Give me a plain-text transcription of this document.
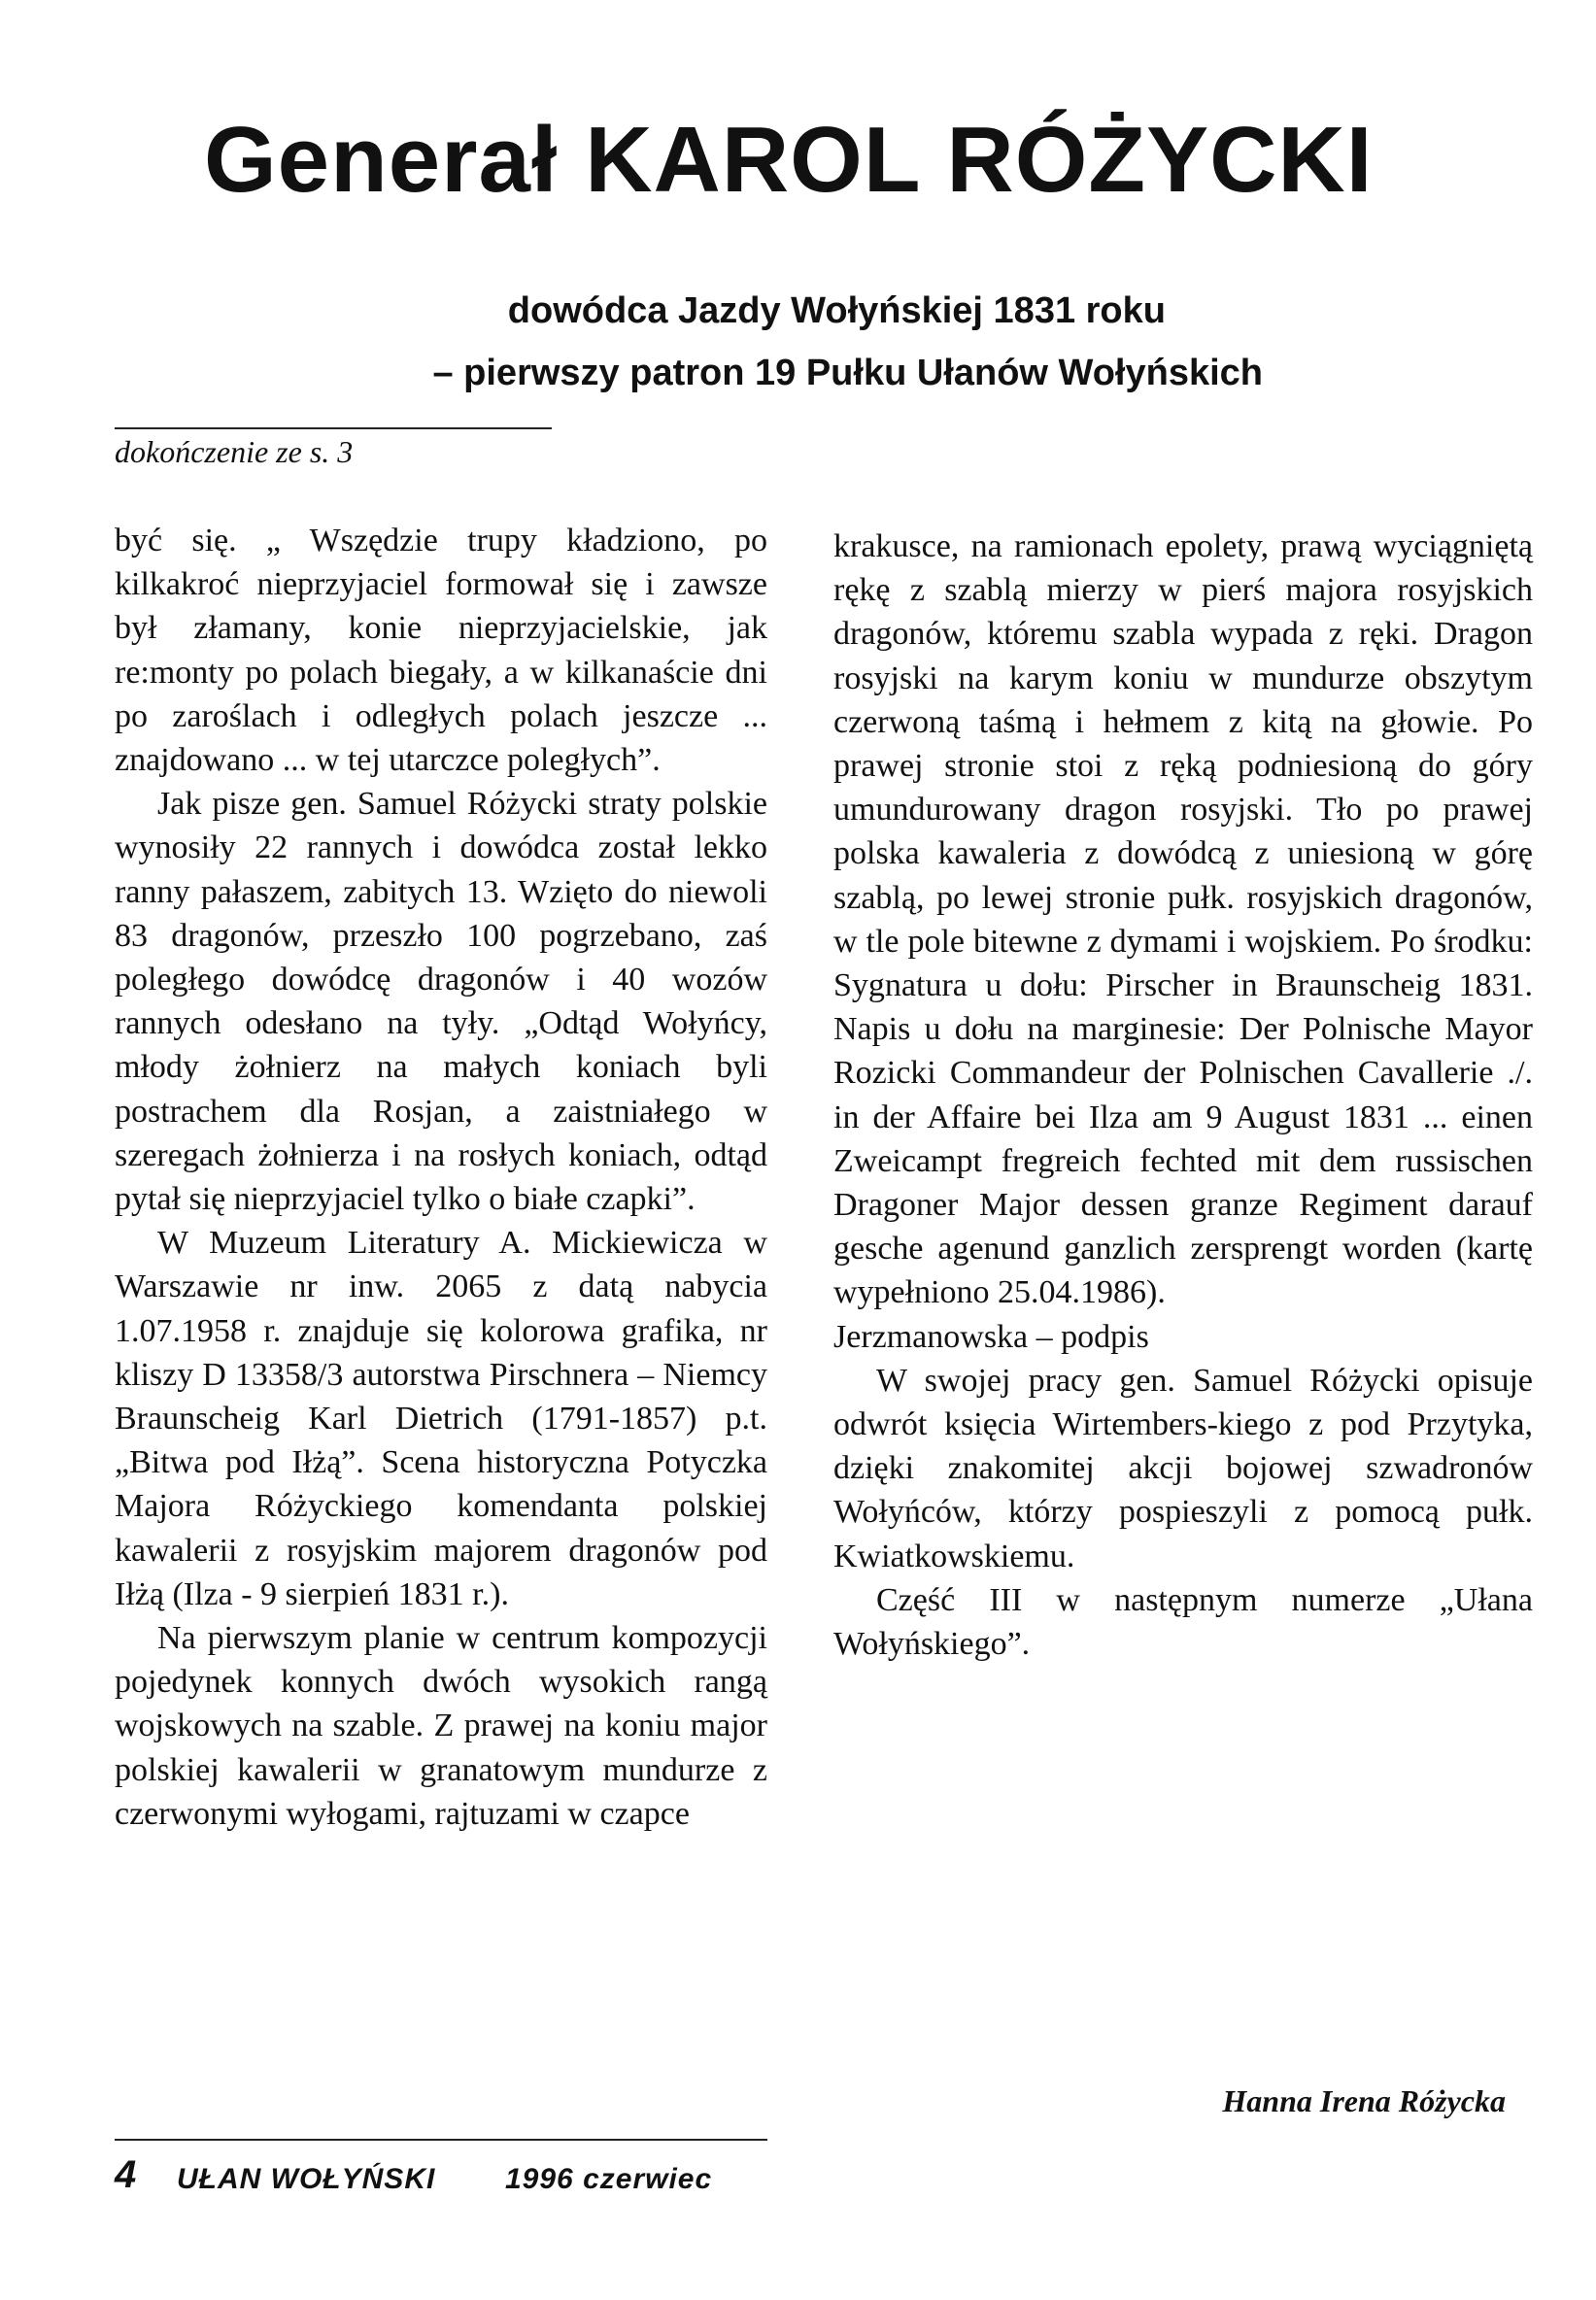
Generał KAROL RÓŻYCKI
dowódca Jazdy Wołyńskiej 1831 roku
– pierwszy patron 19 Pułku Ułanów Wołyńskich
dokończenie ze s. 3

być się. „ Wszędzie trupy kładziono, po kilkakroć nieprzyjaciel formował się i zawsze był złamany, konie nieprzyjacielskie, jak re:monty po polach biegały, a w kilkanaście dni po zaroślach i odległych polach jeszcze ... znajdowano ... w tej utarczce poległych”.

Jak pisze gen. Samuel Różycki straty polskie wynosiły 22 rannych i dowódca został lekko ranny pałaszem, zabitych 13. Wzięto do niewoli 83 dragonów, przeszło 100 pogrzebano, zaś poległego dowódcę dragonów i 40 wozów rannych odesłano na tyły. „Odtąd Wołyńcy, młody żołnierz na małych koniach byli postrachem dla Rosjan, a zaistniałego w szeregach żołnierza i na rosłych koniach, odtąd pytał się nieprzyjaciel tylko o białe czapki”.

W Muzeum Literatury A. Mickiewicza w Warszawie nr inw. 2065 z datą nabycia 1.07.1958 r. znajduje się kolorowa grafika, nr kliszy D 13358/3 autorstwa Pirschnera – Niemcy Braunscheig Karl Dietrich (1791-1857) p.t. „Bitwa pod Iłżą”. Scena historyczna Potyczka Majora Różyckiego komendanta polskiej kawalerii z rosyjskim majorem dragonów pod Iłżą (Ilza - 9 sierpień 1831 r.).

Na pierwszym planie w centrum kompozycji pojedynek konnych dwóch wysokich rangą wojskowych na szable. Z prawej na koniu major polskiej kawalerii w granatowym mundurze z czerwonymi wyłogami, rajtuzami w czapce

krakusce, na ramionach epolety, prawą wyciągniętą rękę z szablą mierzy w pierś majora rosyjskich dragonów, któremu szabla wypada z ręki. Dragon rosyjski na karym koniu w mundurze obszytym czerwoną taśmą i hełmem z kitą na głowie. Po prawej stronie stoi z ręką podniesioną do góry umundurowany dragon rosyjski. Tło po prawej polska kawaleria z dowódcą z uniesioną w górę szablą, po lewej stronie pułk. rosyjskich dragonów, w tle pole bitewne z dymami i wojskiem. Po środku: Sygnatura u dołu: Pirscher in Braunscheig 1831. Napis u dołu na marginesie: Der Polnische Mayor Rozicki Commandeur der Polnischen Cavallerie ./. in der Affaire bei Ilza am 9 August 1831 ... einen Zweicampt fregreich fechted mit dem russischen Dragoner Major dessen granze Regiment darauf gesche agenund ganzlich zersprengt worden (kartę wypełniono 25.04.1986).

Jerzmanowska – podpis

W swojej pracy gen. Samuel Różycki opisuje odwrót księcia Wirtembers-kiego z pod Przytyka, dzięki znakomitej akcji bojowej szwadronów Wołyńców, którzy pospieszyli z pomocą pułk. Kwiatkowskiemu.

Część III w następnym numerze „Ułana Wołyńskiego”.

Hanna Irena Różycka
4 UŁAN WOŁYŃSKI 1996 czerwiec
